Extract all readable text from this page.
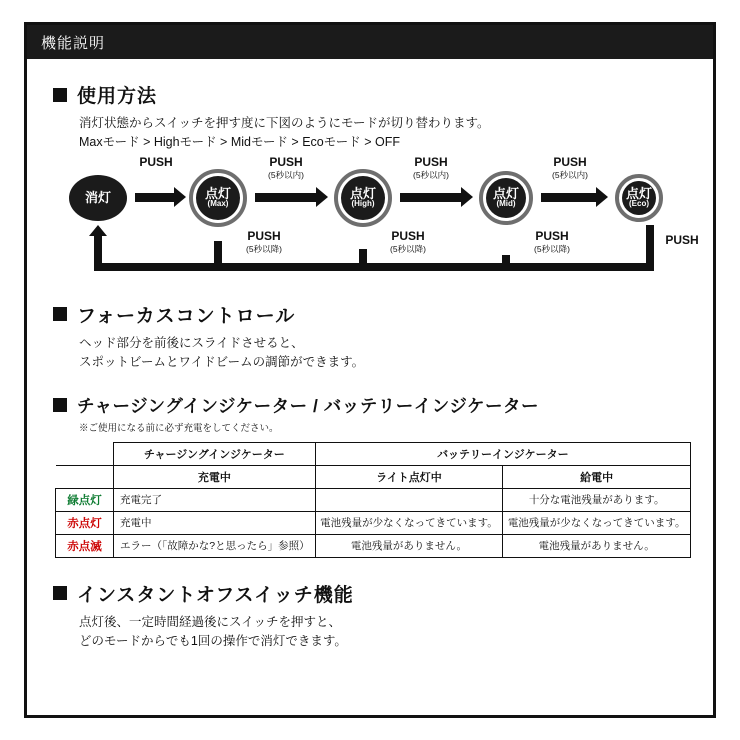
機能説明
使用方法
消灯状態からスイッチを押す度に下図のようにモードが切り替わります。
Maxモード > Highモード > Midモード > Ecoモード > OFF
消灯	点灯
(Max)
点灯
(High)
点灯
(Mid)
点灯
(Eco)
PUSH	PUSH
(5秒以内)
PUSH
(5秒以内)
PUSH
(5秒以内)
PUSH
(5秒以降)
PUSH
(5秒以降)
PUSH
(5秒以降)
PUSH
フォーカスコントロール
ヘッド部分を前後にスライドさせると、
スポットビームとワイドビームの調節ができます。
チャージングインジケーター / バッテリーインジケーター
※ご使用になる前に必ず充電をしてください。
	チャージングインジケーター	バッテリーインジケーター	
	充電中	ライト点灯中	給電中
緑点灯	充電完了		十分な電池残量があります。
赤点灯	充電中	電池残量が少なくなってきています。	電池残量が少なくなってきています。
赤点滅	エラー（「故障かな?と思ったら」参照）	電池残量がありません。	電池残量がありません。
インスタントオフスイッチ機能
点灯後、一定時間経過後にスイッチを押すと、
どのモードからでも1回の操作で消灯できます。
